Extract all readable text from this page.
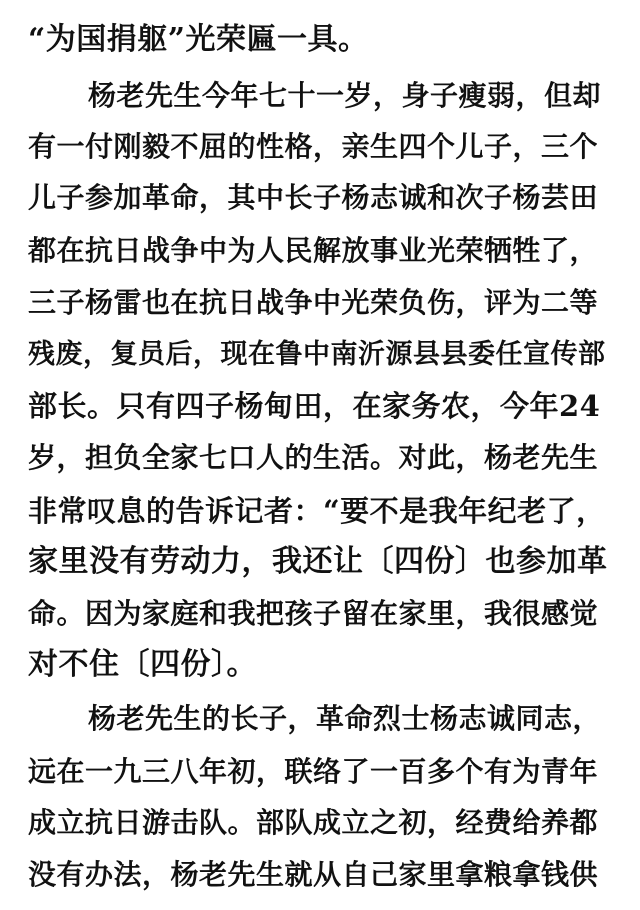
“为国捐躯”光荣匾一具。
杨老先生今年七十一岁，身子瘦弱，但却
有一付刚毅不屈的性格，亲生四个儿子，三个
儿子参加革命，其中长子杨志诚和次子杨芸田
都在抗日战争中为人民解放事业光荣牺牲了，
三子杨雷也在抗日战争中光荣负伤，评为二等
残废，复员后，现在鲁中南沂源县县委任宣传部
部长。只有四子杨甸田，在家务农，今年24
岁，担负全家七口人的生活。对此，杨老先生
非常叹息的告诉记者：“要不是我年纪老了，
家里没有劳动力，我还让〔四份〕也参加革
命。因为家庭和我把孩子留在家里，我很感觉
对不住〔四份〕。
杨老先生的长子，革命烈士杨志诚同志，
远在一九三八年初，联络了一百多个有为青年
成立抗日游击队。部队成立之初，经费给养都
没有办法，杨老先生就从自己家里拿粮拿钱供
